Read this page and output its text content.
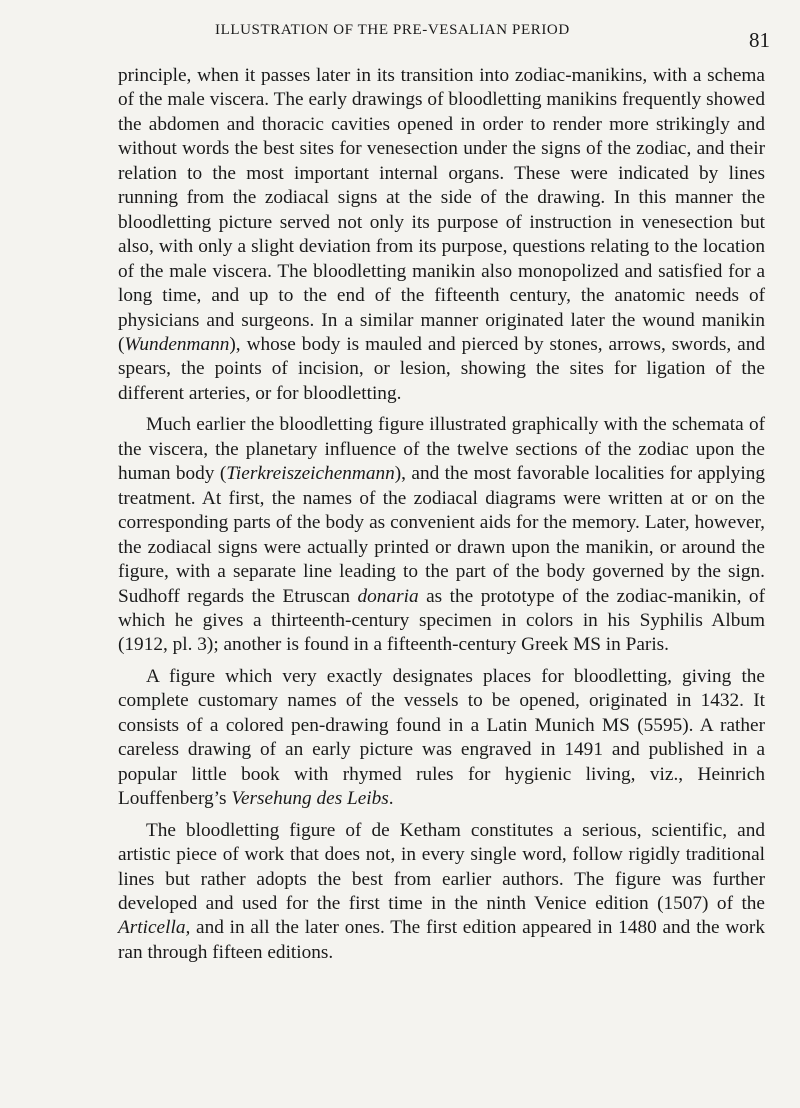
ILLUSTRATION OF THE PRE-VESALIAN PERIOD	81

principle, when it passes later in its transition into zodiac-manikins, with a schema of the male viscera. The early drawings of bloodletting manikins frequently showed the abdomen and thoracic cavities opened in order to render more strikingly and without words the best sites for venesection under the signs of the zodiac, and their relation to the most important internal organs. These were indicated by lines running from the zodiacal signs at the side of the drawing. In this manner the bloodletting picture served not only its purpose of instruction in venesection but also, with only a slight deviation from its purpose, questions relating to the location of the male viscera. The bloodletting manikin also monopolized and satisfied for a long time, and up to the end of the fifteenth century, the anatomic needs of physicians and surgeons. In a similar manner originated later the wound manikin (Wundenmann), whose body is mauled and pierced by stones, arrows, swords, and spears, the points of incision, or lesion, showing the sites for ligation of the different arteries, or for bloodletting.

Much earlier the bloodletting figure illustrated graphically with the schemata of the viscera, the planetary influence of the twelve sections of the zodiac upon the human body (Tierkreiszeichenmann), and the most favorable localities for applying treatment. At first, the names of the zodiacal diagrams were written at or on the corresponding parts of the body as convenient aids for the memory. Later, however, the zodiacal signs were actually printed or drawn upon the manikin, or around the figure, with a separate line leading to the part of the body governed by the sign. Sudhoff regards the Etruscan donaria as the prototype of the zodiac-manikin, of which he gives a thirteenth-century specimen in colors in his Syphilis Album (1912, pl. 3); another is found in a fifteenth-century Greek MS in Paris.

A figure which very exactly designates places for bloodletting, giving the complete customary names of the vessels to be opened, originated in 1432. It consists of a colored pen-drawing found in a Latin Munich MS (5595). A rather careless drawing of an early picture was engraved in 1491 and published in a popular little book with rhymed rules for hygienic living, viz., Heinrich Louffenberg’s Versehung des Leibs.

The bloodletting figure of de Ketham constitutes a serious, scientific, and artistic piece of work that does not, in every single word, follow rigidly traditional lines but rather adopts the best from earlier authors. The figure was further developed and used for the first time in the ninth Venice edition (1507) of the Articella, and in all the later ones. The first edition appeared in 1480 and the work ran through fifteen editions.
